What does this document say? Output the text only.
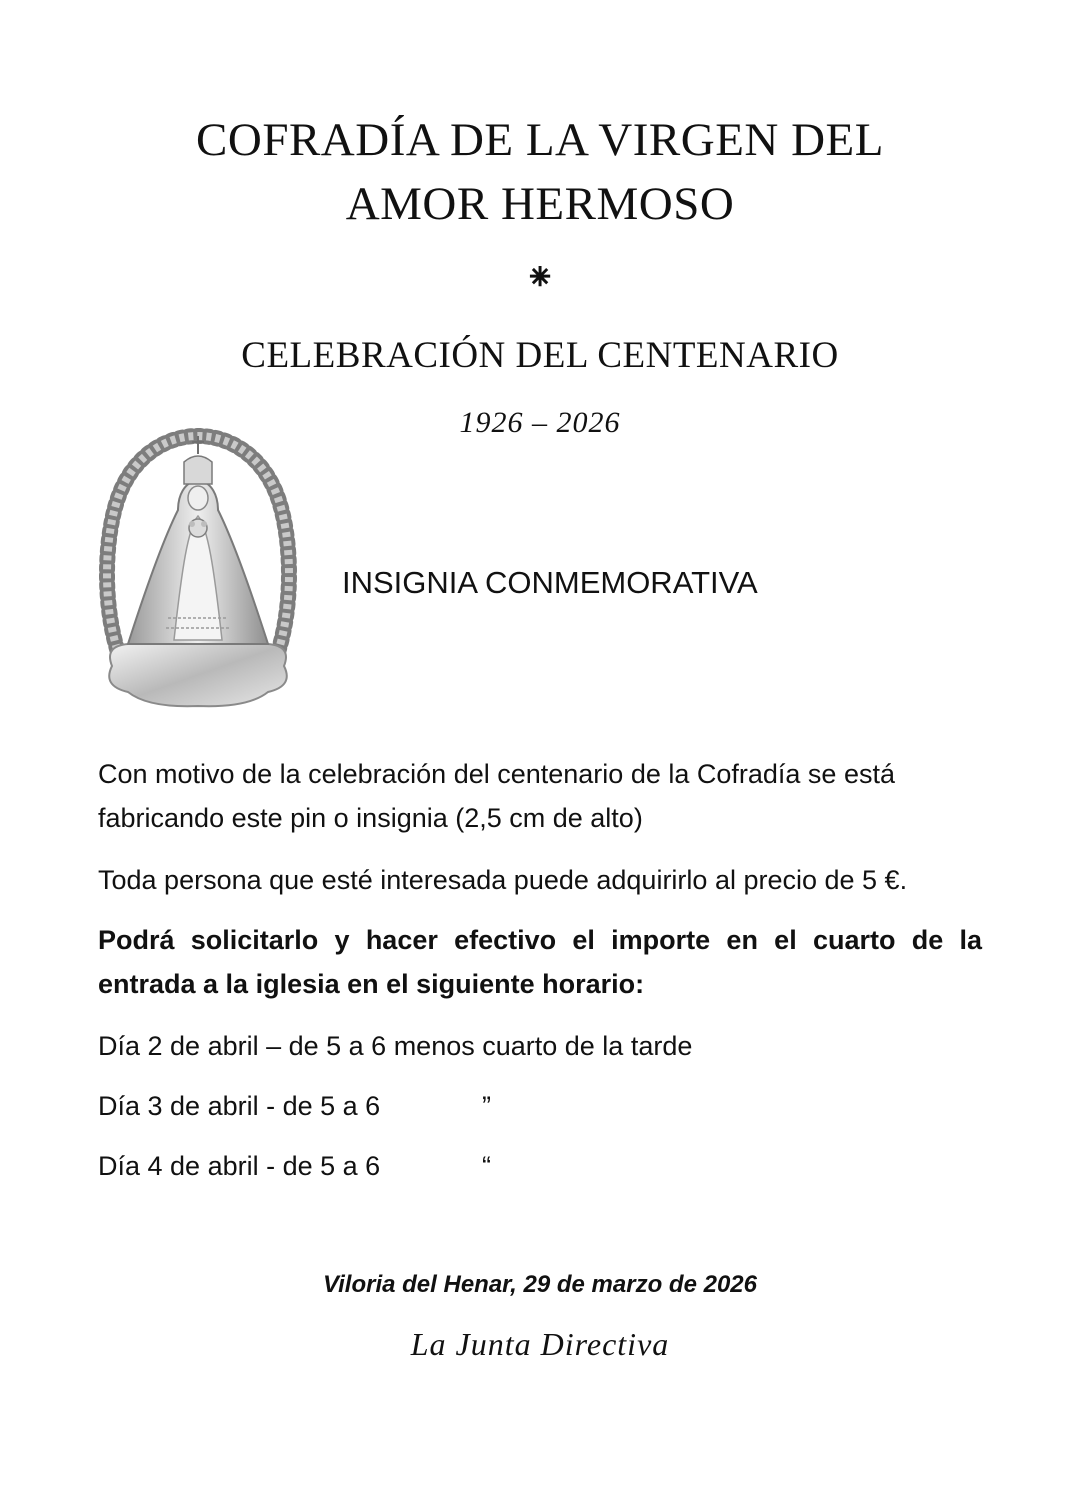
COFRADÍA DE LA VIRGEN DEL
AMOR HERMOSO
⁕
CELEBRACIÓN DEL CENTENARIO
1926 – 2026
INSIGNIA CONMEMORATIVA
Con motivo de la celebración del centenario de la Cofradía se está fabricando este pin o insignia (2,5 cm de alto)
Toda persona que esté interesada puede adquirirlo al precio de 5 €.
Podrá solicitarlo y hacer efectivo el importe en el cuarto de la entrada a la iglesia en el siguiente horario:
Día 2 de abril – de 5 a 6 menos cuarto de la tarde
Día 3 de abril - de 5 a 6	”
Día 4 de abril - de 5 a 6	“
Viloria del Henar, 29 de marzo de 2026
La Junta Directiva
